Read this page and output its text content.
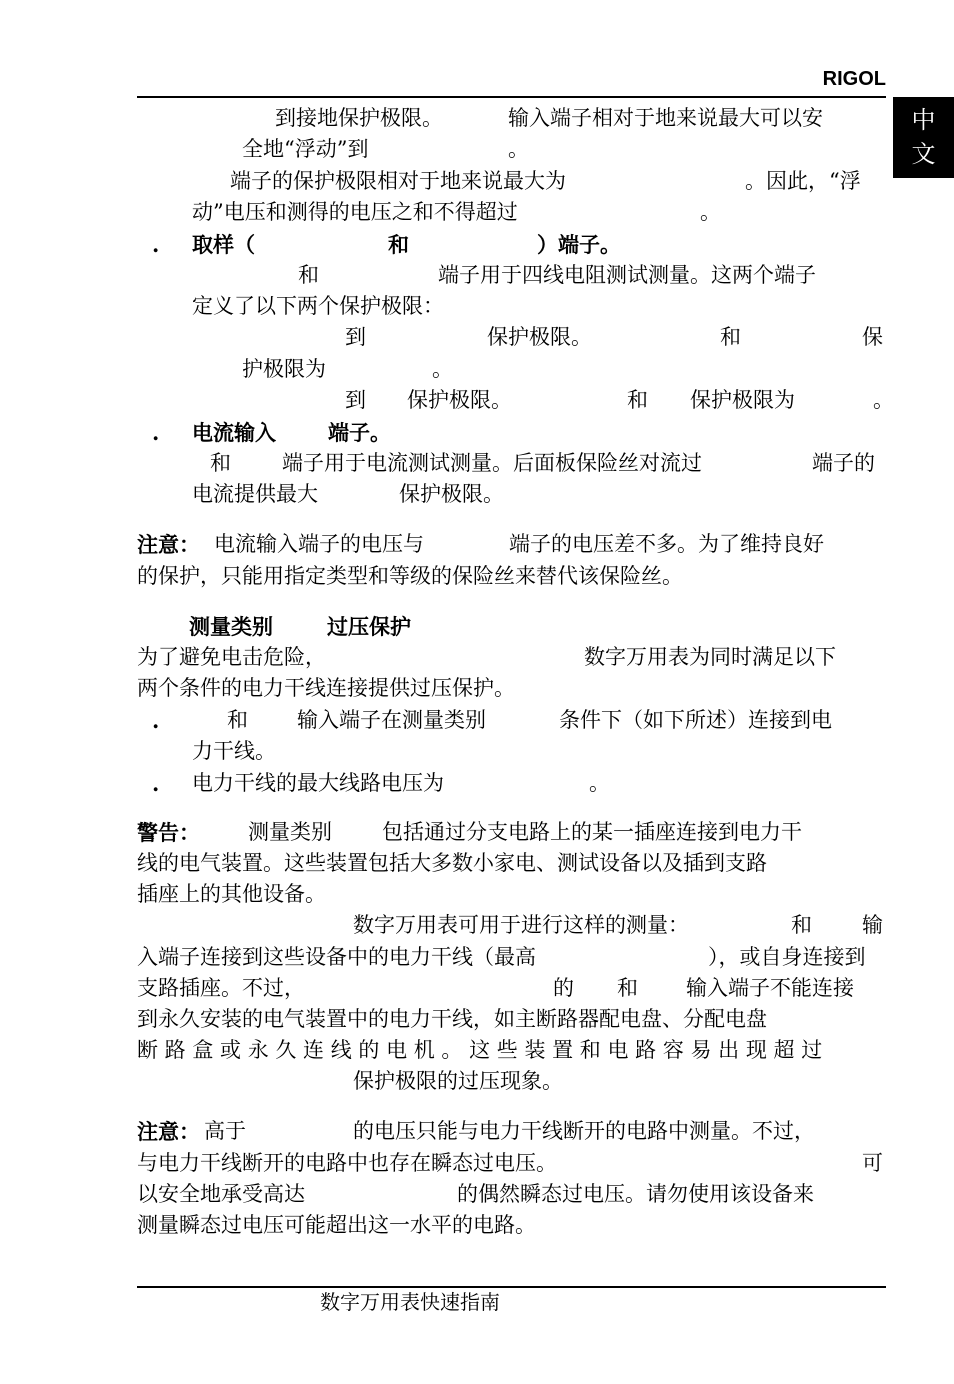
RIGOL
中
文

到接地保护极限。	输入端子相对于地来说最大可以安

全地“浮动”到	。

端子的保护极限相对于地来说最大为	。因此，“浮

动”电压和测得的电压之和不得超过	。

. 取样（	和	）端子。

和	端子用于四线电阻测试测量。这两个端子

定义了以下两个保护极限：

到	保护极限。	和	保

护极限为	。

到 保护极限。	和 保护极限为	。

. 电流输入 端子。

和 端子用于电流测试测量。后面板保险丝对流过	端子的

电流提供最大	保护极限。

注意： 电流输入端子的电压与	端子的电压差不多。为了维持良好

的保护，只能用指定类型和等级的保险丝来替代该保险丝。

测量类别	过压保护

为了避免电击危险，	数字万用表为同时满足以下

两个条件的电力干线连接提供过压保护。

.	和 输入端子在测量类别	条件下（如下所述）连接到电

力干线。

. 电力干线的最大线路电压为	。

警告： 测量类别 包括通过分支电路上的某一插座连接到电力干

线的电气装置。这些装置包括大多数小家电、测试设备以及插到支路

插座上的其他设备。

数字万用表可用于进行这样的测量：	和 输

入端子连接到这些设备中的电力干线（最高	），或自身连接到

支路插座。不过，	的 和 输入端子不能连接

到永久安装的电气装置中的电力干线，如主断路器配电盘、分配电盘

断 路 盒 或 永 久 连 线 的 电 机 。 这 些 装 置 和 电 路 容 易 出 现 超 过

保护极限的过压现象。

注意： 高于	的电压只能与电力干线断开的电路中测量。不过，

与电力干线断开的电路中也存在瞬态过电压。	可

以安全地承受高达	的偶然瞬态过电压。请勿使用该设备来

测量瞬态过电压可能超出这一水平的电路。

数字万用表快速指南
